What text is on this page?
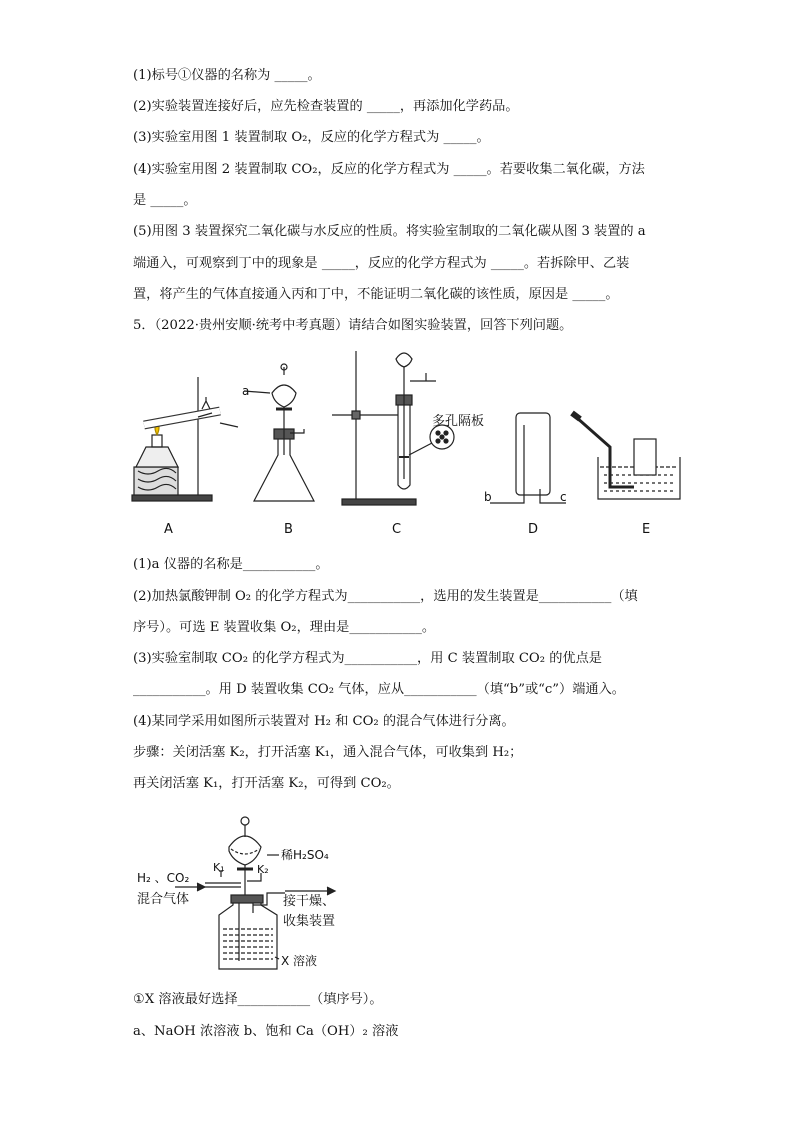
(1)标号①仪器的名称为 _____。
(2)实验装置连接好后，应先检查装置的 _____，再添加化学药品。
(3)实验室用图 1 装置制取 O₂，反应的化学方程式为 _____。
(4)实验室用图 2 装置制取 CO₂，反应的化学方程式为 _____。若要收集二氧化碳，方法
是 _____。
(5)用图 3 装置探究二氧化碳与水反应的性质。将实验室制取的二氧化碳从图 3 装置的 a
端通入，可观察到丁中的现象是 _____，反应的化学方程式为 _____。若拆除甲、乙装
置，将产生的气体直接通入丙和丁中，不能证明二氧化碳的该性质，原因是 _____。
5．（2022·贵州安顺·统考中考真题）请结合如图实验装置，回答下列问题。
a
多孔隔板
b	c
A	B	C	D	E
(1)a 仪器的名称是___________。
(2)加热氯酸钾制 O₂ 的化学方程式为___________，选用的发生装置是___________（填
序号）。可选 E 装置收集 O₂，理由是___________。
(3)实验室制取 CO₂ 的化学方程式为___________，用 C 装置制取 CO₂ 的优点是
___________。用 D 装置收集 CO₂ 气体，应从___________（填“b”或“c”）端通入。
(4)某同学采用如图所示装置对 H₂ 和 CO₂ 的混合气体进行分离。
步骤：关闭活塞 K₂，打开活塞 K₁，通入混合气体，可收集到 H₂；
再关闭活塞 K₁，打开活塞 K₂，可得到 CO₂。
H₂ 、CO₂
混合气体
稀H₂SO₄
K₁	K₂
接干燥、
收集装置
X 溶液
①X 溶液最好选择___________（填序号）。
a、NaOH 浓溶液 b、饱和 Ca（OH）₂ 溶液
